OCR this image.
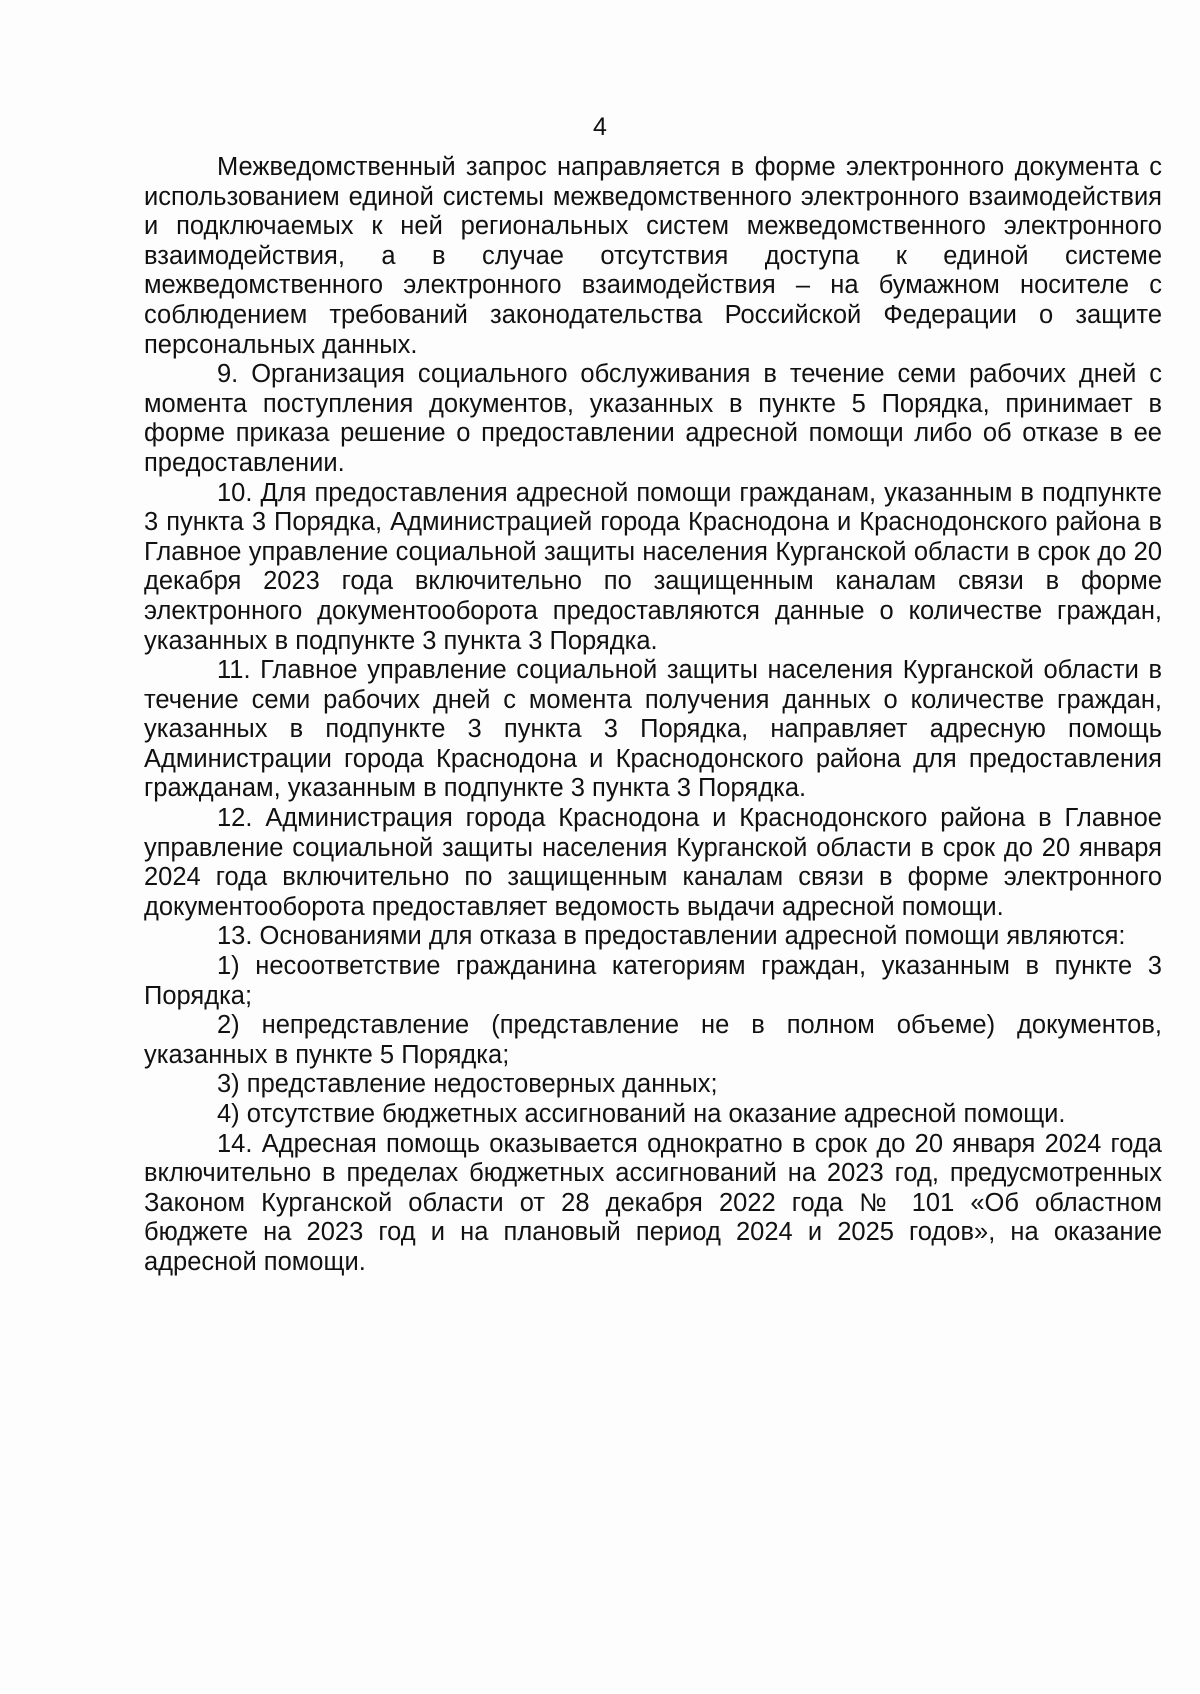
4

Межведомственный запрос направляется в форме электронного документа с использованием единой системы межведомственного электронного взаимодействия и подключаемых к ней региональных систем межведомственного электронного взаимодействия, а в случае отсутствия доступа к единой системе межведомственного электронного взаимодействия – на бумажном носителе с соблюдением требований законодательства Российской Федерации о защите персональных данных.

9. Организация социального обслуживания в течение семи рабочих дней с момента поступления документов, указанных в пункте 5 Порядка, принимает в форме приказа решение о предоставлении адресной помощи либо об отказе в ее предоставлении.

10. Для предоставления адресной помощи гражданам, указанным в подпункте 3 пункта 3 Порядка, Администрацией города Краснодона и Краснодонского района в Главное управление социальной защиты населения Курганской области в срок до 20 декабря 2023 года включительно по защищенным каналам связи в форме электронного документооборота предоставляются данные о количестве граждан, указанных в подпункте 3 пункта 3 Порядка.

11. Главное управление социальной защиты населения Курганской области в течение семи рабочих дней с момента получения данных о количестве граждан, указанных в подпункте 3 пункта 3 Порядка, направляет адресную помощь Администрации города Краснодона и Краснодонского района для предоставления гражданам, указанным в подпункте 3 пункта 3 Порядка.

12. Администрация города Краснодона и Краснодонского района в Главное управление социальной защиты населения Курганской области в срок до 20 января 2024 года включительно по защищенным каналам связи в форме электронного документооборота предоставляет ведомость выдачи адресной помощи.

13. Основаниями для отказа в предоставлении адресной помощи являются:

1) несоответствие гражданина категориям граждан, указанным в пункте 3 Порядка;

2) непредставление (представление не в полном объеме) документов, указанных в пункте 5 Порядка;

3) представление недостоверных данных;

4) отсутствие бюджетных ассигнований на оказание адресной помощи.

14. Адресная помощь оказывается однократно в срок до 20 января 2024 года включительно в пределах бюджетных ассигнований на 2023 год, предусмотренных Законом Курганской области от 28 декабря 2022 года № 101 «Об областном бюджете на 2023 год и на плановый период 2024 и 2025 годов», на оказание адресной помощи.
